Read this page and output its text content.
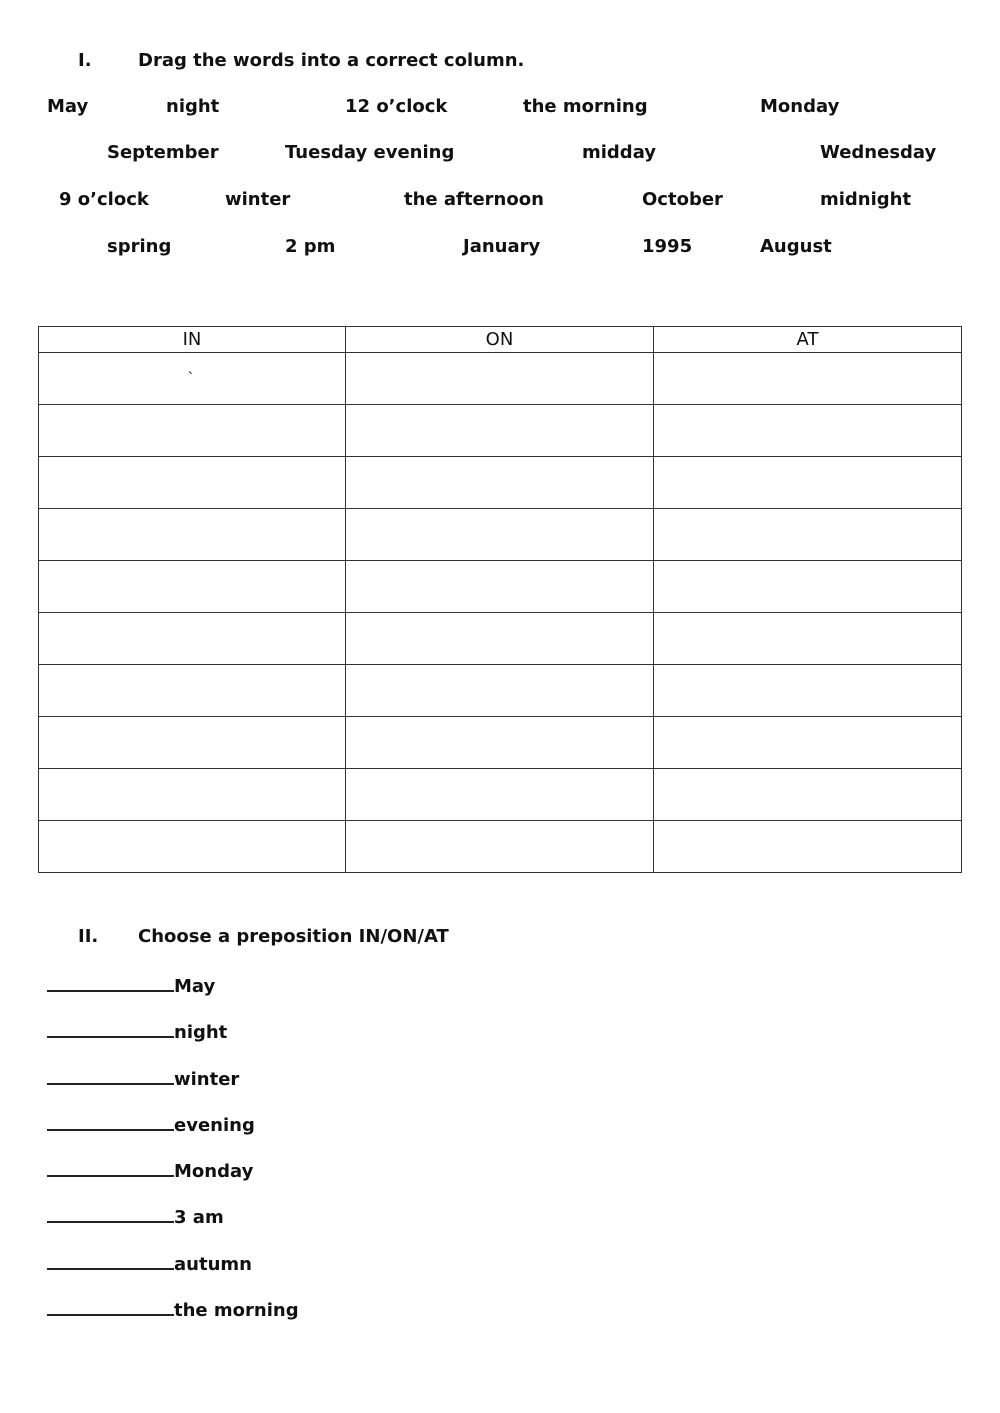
I.	Drag the words into a correct column.
May	night	12 o’clock	the morning	Monday
September	Tuesday evening	midday	Wednesday
9 o’clock	winter	the afternoon	October	midnight
spring	2 pm	January	1995	August
IN	ON	AT

`		

II. Choose a preposition IN/ON/AT
May
night
winter
evening
Monday
3 am
autumn
the morning
